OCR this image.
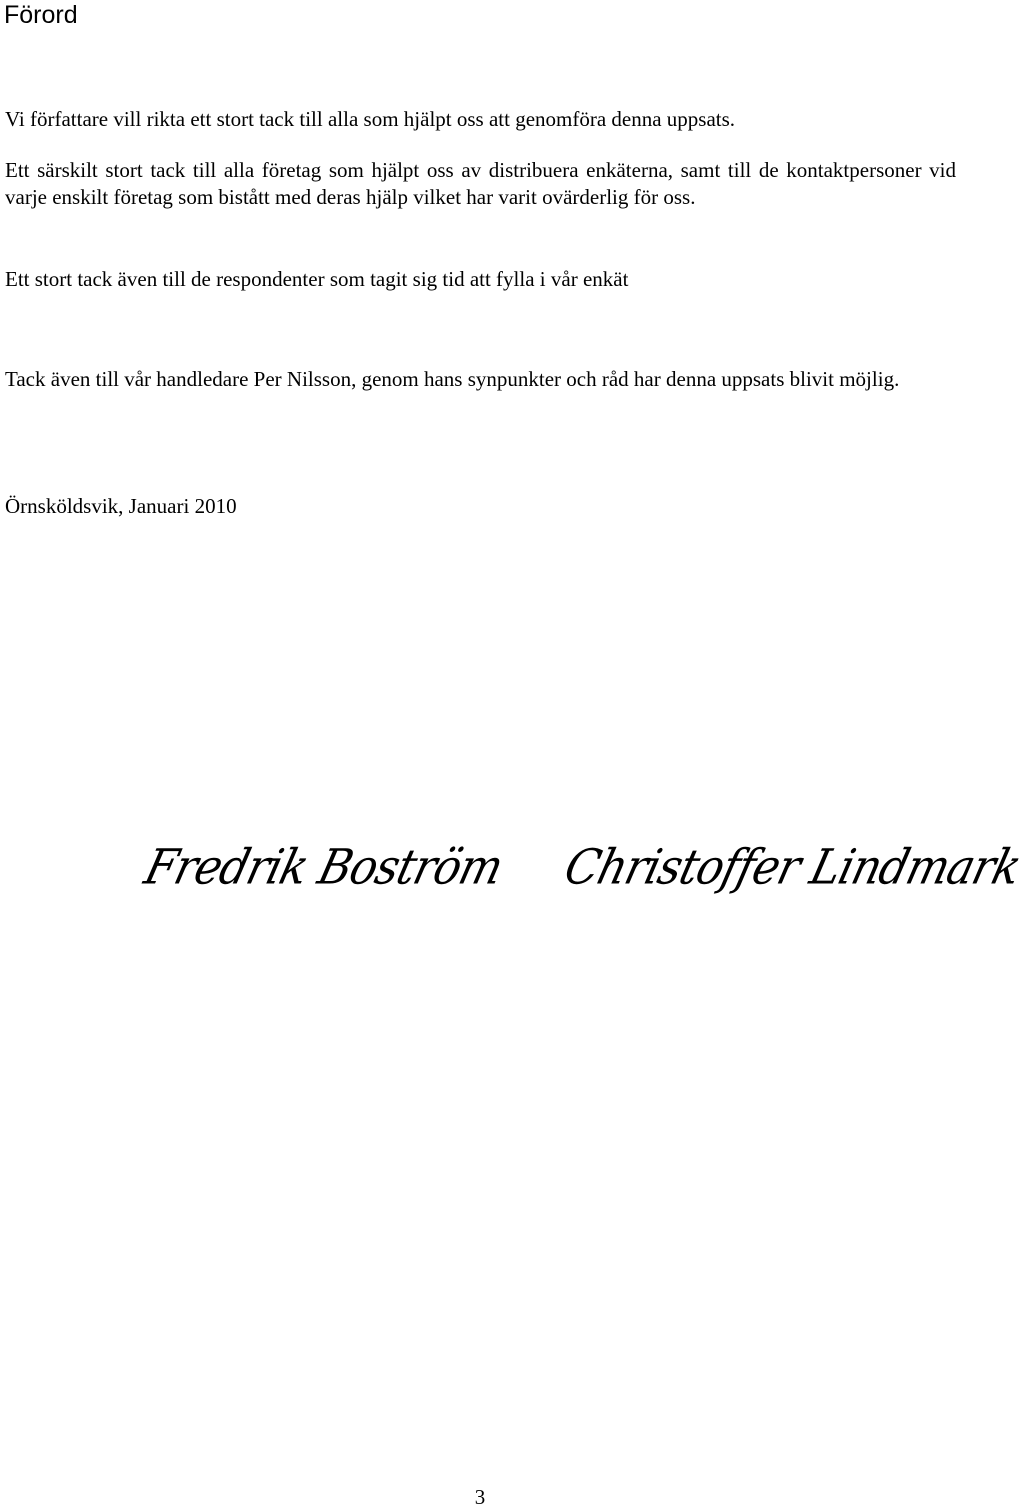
Förord

Vi författare vill rikta ett stort tack till alla som hjälpt oss att genomföra denna uppsats.

Ett särskilt stort tack till alla företag som hjälpt oss av distribuera enkäterna, samt till de kontaktpersoner vid varje enskilt företag som bistått med deras hjälp vilket har varit ovärderlig för oss.

Ett stort tack även till de respondenter som tagit sig tid att fylla i vår enkät

Tack även till vår handledare Per Nilsson, genom hans synpunkter och råd har denna uppsats blivit möjlig.

Örnsköldsvik, Januari 2010

Fredrik Boström Christoffer Lindmark
3
